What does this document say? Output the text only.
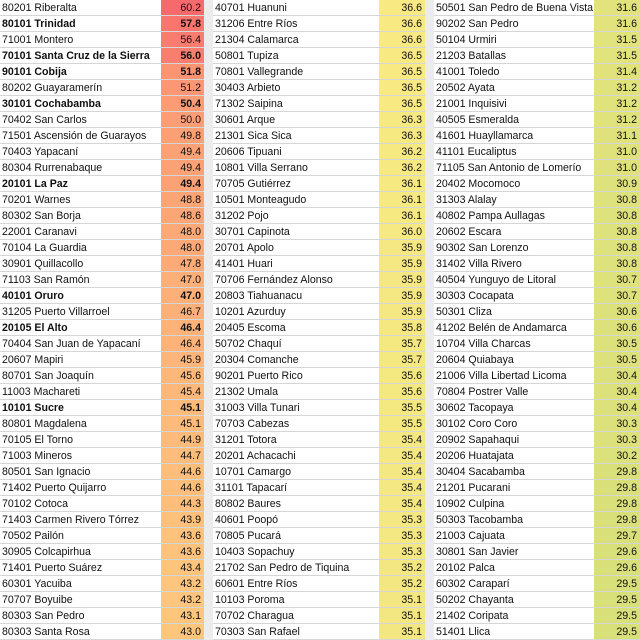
80201 Riberalta	60.2
80101 Trinidad	57.8
71001 Montero	56.4
70101 Santa Cruz de la Sierra	56.0
90101 Cobija	51.8
80202 Guayaramerín	51.2
30101 Cochabamba	50.4
70402 San Carlos	50.0
71501 Ascensión de Guarayos	49.8
70403 Yapacaní	49.4
80304 Rurrenabaque	49.4
20101 La Paz	49.4
70201 Warnes	48.8
80302 San Borja	48.6
22001 Caranavi	48.0
70104 La Guardia	48.0
30901 Quillacollo	47.8
71103 San Ramón	47.0
40101 Oruro	47.0
31205 Puerto Villarroel	46.7
20105 El Alto	46.4
70404 San Juan de Yapacaní	46.4
20607 Mapiri	45.9
80701 San Joaquín	45.6
11003 Machareti	45.4
10101 Sucre	45.1
80801 Magdalena	45.1
70105 El Torno	44.9
71003 Mineros	44.7
80501 San Ignacio	44.6
71402 Puerto Quijarro	44.6
70102 Cotoca	44.3
71403 Carmen Rivero Tórrez	43.9
70502 Pailón	43.6
30905 Colcapirhua	43.6
71401 Puerto Suárez	43.4
60301 Yacuiba	43.2
70707 Boyuibe	43.2
80303 San Pedro	43.1
80303 Santa Rosa	43.0
40701 Huanuni	36.6
31206 Entre Ríos	36.6
21304 Calamarca	36.6
50801 Tupiza	36.5
70801 Vallegrande	36.5
30403 Arbieto	36.5
71302 Saipina	36.5
30601 Arque	36.3
21301 Sica Sica	36.3
20606 Tipuani	36.2
10801 Villa Serrano	36.2
70705 Gutiérrez	36.1
10501 Monteagudo	36.1
31202 Pojo	36.1
30701 Capinota	36.0
20701 Apolo	35.9
41401 Huari	35.9
70706 Fernández Alonso	35.9
20803 Tiahuanacu	35.9
10201 Azurduy	35.9
20405 Escoma	35.8
50702 Chaquí	35.7
20304 Comanche	35.7
90201 Puerto Rico	35.6
21302 Umala	35.6
31003 Villa Tunari	35.5
70703 Cabezas	35.5
31201 Totora	35.4
20201 Achacachi	35.4
10701 Camargo	35.4
31101 Tapacarí	35.4
80802 Baures	35.4
40601 Poopó	35.3
70805 Pucará	35.3
10403 Sopachuy	35.3
21702 San Pedro de Tiquina	35.2
60601 Entre Ríos	35.2
10103 Poroma	35.1
70702 Charagua	35.1
70303 San Rafael	35.1
50501 San Pedro de Buena Vista	31.6
90202 San Pedro	31.6
50104 Urmiri	31.5
21203 Batallas	31.5
41001 Toledo	31.4
20502 Ayata	31.2
21001 Inquisivi	31.2
40505 Esmeralda	31.2
41601 Huayllamarca	31.1
41101 Eucaliptus	31.0
71105 San Antonio de Lomerío	31.0
20402 Mocomoco	30.9
31303 Alalay	30.8
40802 Pampa Aullagas	30.8
20602 Escara	30.8
90302 San Lorenzo	30.8
31402 Villa Rivero	30.8
40504 Yunguyo de Litoral	30.7
30303 Cocapata	30.7
50301 Cliza	30.6
41202 Belén de Andamarca	30.6
10704 Villa Charcas	30.5
20604 Quiabaya	30.5
21006 Villa Libertad Licoma	30.4
70804 Postrer Valle	30.4
30602 Tacopaya	30.4
30102 Coro Coro	30.3
20902 Sapahaqui	30.3
20206 Huatajata	30.2
30404 Sacabamba	29.8
21201 Pucarani	29.8
10902 Culpina	29.8
50303 Tacobamba	29.8
21003 Cajuata	29.7
30801 San Javier	29.6
20102 Palca	29.6
60302 Caraparí	29.5
50202 Chayanta	29.5
21402 Coripata	29.5
51401 Llica	29.5
